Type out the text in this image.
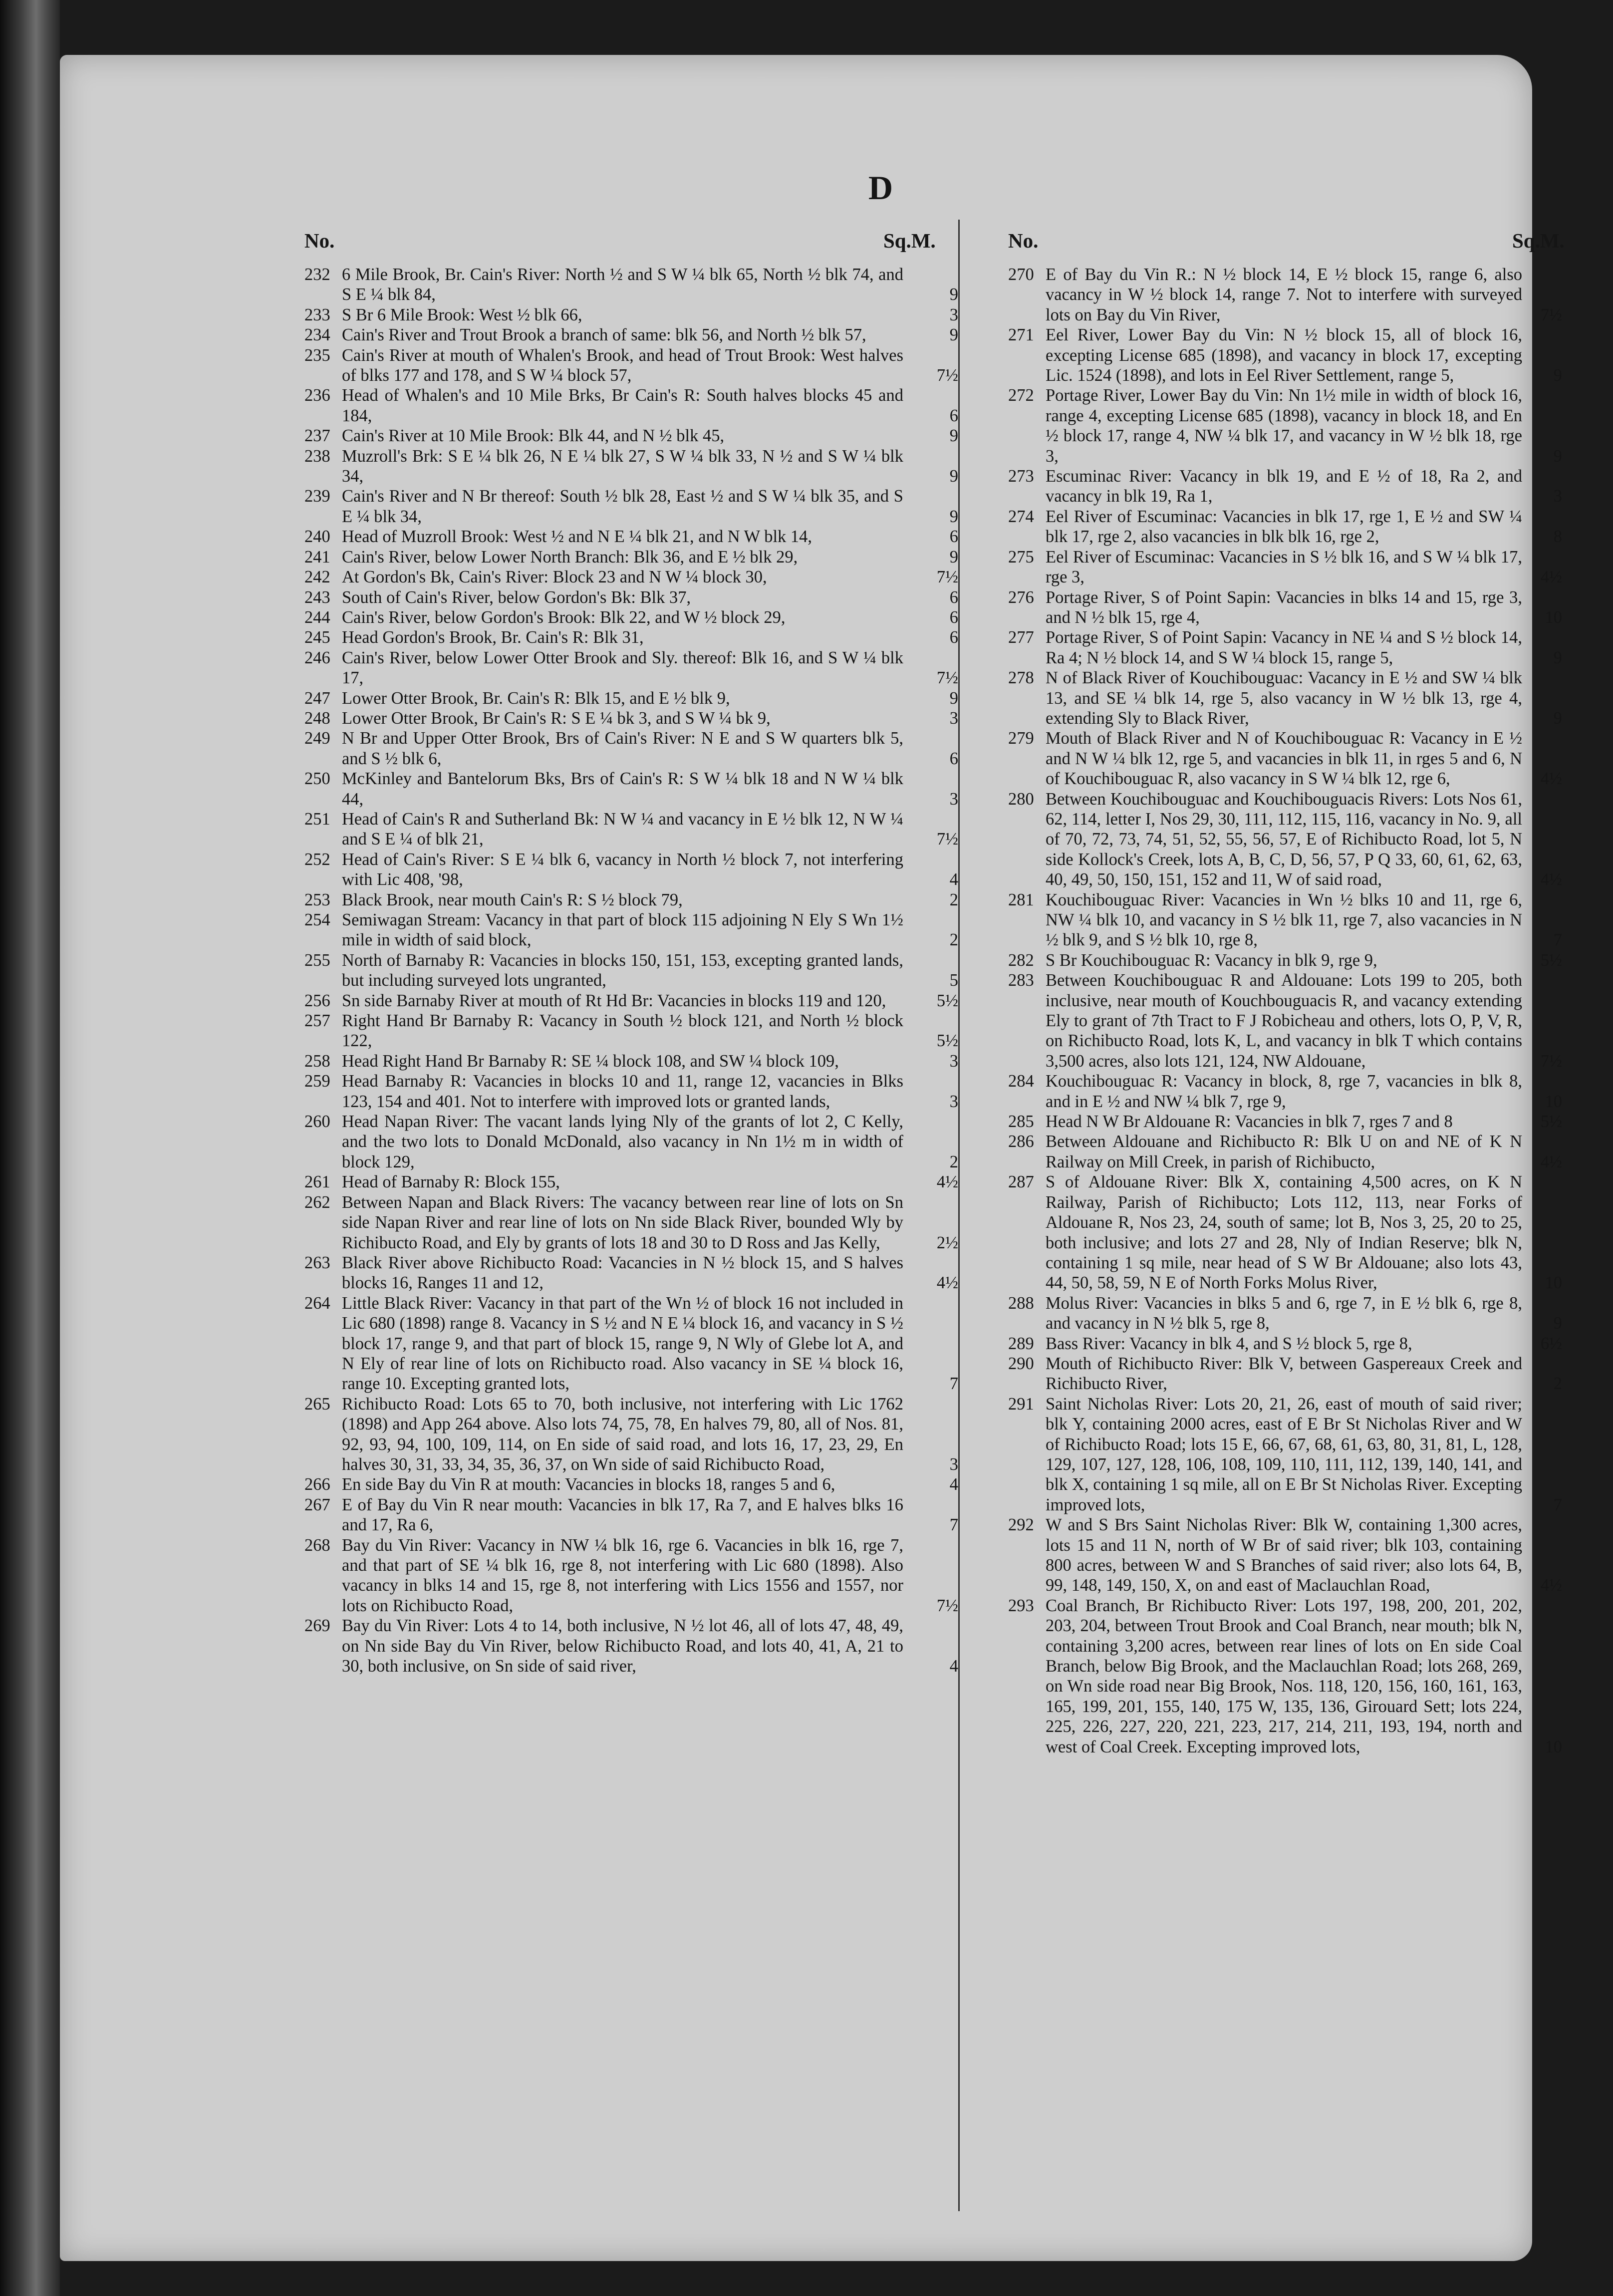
D
No.	Sq.M.
232 6 Mile Brook, Br. Cain's River: North ½ and S W ¼ blk 65, North ½ blk 74, and S E ¼ blk 84,	9
233 S Br 6 Mile Brook: West ½ blk 66,	3
234 Cain's River and Trout Brook a branch of same: blk 56, and North ½ blk 57,	9
235 Cain's River at mouth of Whalen's Brook, and head of Trout Brook: West halves of blks 177 and 178, and S W ¼ block 57,	7½
236 Head of Whalen's and 10 Mile Brks, Br Cain's R: South halves blocks 45 and 184,	6
237 Cain's River at 10 Mile Brook: Blk 44, and N ½ blk 45,	9
238 Muzroll's Brk: S E ¼ blk 26, N E ¼ blk 27, S W ¼ blk 33, N ½ and S W ¼ blk 34,	9
239 Cain's River and N Br thereof: South ½ blk 28, East ½ and S W ¼ blk 35, and S E ¼ blk 34,	9
240 Head of Muzroll Brook: West ½ and N E ¼ blk 21, and N W blk 14,	6
241 Cain's River, below Lower North Branch: Blk 36, and E ½ blk 29,	9
242 At Gordon's Bk, Cain's River: Block 23 and N W ¼ block 30,	7½
243 South of Cain's River, below Gordon's Bk: Blk 37,	6
244 Cain's River, below Gordon's Brook: Blk 22, and W ½ block 29,	6
245 Head Gordon's Brook, Br. Cain's R: Blk 31,	6
246 Cain's River, below Lower Otter Brook and Sly. thereof: Blk 16, and S W ¼ blk 17,	7½
247 Lower Otter Brook, Br. Cain's R: Blk 15, and E ½ blk 9,	9
248 Lower Otter Brook, Br Cain's R: S E ¼ bk 3, and S W ¼ bk 9,	3
249 N Br and Upper Otter Brook, Brs of Cain's River: N E and S W quarters blk 5, and S ½ blk 6,	6
250 McKinley and Bantelorum Bks, Brs of Cain's R: S W ¼ blk 18 and N W ¼ blk 44,	3
251 Head of Cain's R and Sutherland Bk: N W ¼ and vacancy in E ½ blk 12, N W ¼ and S E ¼ of blk 21,	7½
252 Head of Cain's River: S E ¼ blk 6, vacancy in North ½ block 7, not interfering with Lic 408, '98,	4
253 Black Brook, near mouth Cain's R: S ½ block 79,	2
254 Semiwagan Stream: Vacancy in that part of block 115 adjoining N Ely S Wn 1½ mile in width of said block,	2
255 North of Barnaby R: Vacancies in blocks 150, 151, 153, excepting granted lands, but including surveyed lots ungranted,	5
256 Sn side Barnaby River at mouth of Rt Hd Br: Vacancies in blocks 119 and 120,	5½
257 Right Hand Br Barnaby R: Vacancy in South ½ block 121, and North ½ block 122,	5½
258 Head Right Hand Br Barnaby R: SE ¼ block 108, and SW ¼ block 109,	3
259 Head Barnaby R: Vacancies in blocks 10 and 11, range 12, vacancies in Blks 123, 154 and 401. Not to interfere with improved lots or granted lands,	3
260 Head Napan River: The vacant lands lying Nly of the grants of lot 2, C Kelly, and the two lots to Donald McDonald, also vacancy in Nn 1½ m in width of block 129,	2
261 Head of Barnaby R: Block 155,	4½
262 Between Napan and Black Rivers: The vacancy between rear line of lots on Sn side Napan River and rear line of lots on Nn side Black River, bounded Wly by Richibucto Road, and Ely by grants of lots 18 and 30 to D Ross and Jas Kelly,	2½
263 Black River above Richibucto Road: Vacancies in N ½ block 15, and S halves blocks 16, Ranges 11 and 12,	4½
264 Little Black River: Vacancy in that part of the Wn ½ of block 16 not included in Lic 680 (1898) range 8. Vacancy in S ½ and N E ¼ block 16, and vacancy in S ½ block 17, range 9, and that part of block 15, range 9, N Wly of Glebe lot A, and N Ely of rear line of lots on Richibucto road. Also vacancy in SE ¼ block 16, range 10. Excepting granted lots,	7
265 Richibucto Road: Lots 65 to 70, both inclusive, not interfering with Lic 1762 (1898) and App 264 above. Also lots 74, 75, 78, En halves 79, 80, all of Nos. 81, 92, 93, 94, 100, 109, 114, on En side of said road, and lots 16, 17, 23, 29, En halves 30, 31, 33, 34, 35, 36, 37, on Wn side of said Richibucto Road,	3
266 En side Bay du Vin R at mouth: Vacancies in blocks 18, ranges 5 and 6,	4
267 E of Bay du Vin R near mouth: Vacancies in blk 17, Ra 7, and E halves blks 16 and 17, Ra 6,	7
268 Bay du Vin River: Vacancy in NW ¼ blk 16, rge 6. Vacancies in blk 16, rge 7, and that part of SE ¼ blk 16, rge 8, not interfering with Lic 680 (1898). Also vacancy in blks 14 and 15, rge 8, not interfering with Lics 1556 and 1557, nor lots on Richibucto Road,	7½
269 Bay du Vin River: Lots 4 to 14, both inclusive, N ½ lot 46, all of lots 47, 48, 49, on Nn side Bay du Vin River, below Richibucto Road, and lots 40, 41, A, 21 to 30, both inclusive, on Sn side of said river,	4
No.	Sq.M.
270 E of Bay du Vin R.: N ½ block 14, E ½ block 15, range 6, also vacancy in W ½ block 14, range 7. Not to interfere with surveyed lots on Bay du Vin River,	7½
271 Eel River, Lower Bay du Vin: N ½ block 15, all of block 16, excepting License 685 (1898), and vacancy in block 17, excepting Lic. 1524 (1898), and lots in Eel River Settlement, range 5,	9
272 Portage River, Lower Bay du Vin: Nn 1½ mile in width of block 16, range 4, excepting License 685 (1898), vacancy in block 18, and En ½ block 17, range 4, NW ¼ blk 17, and vacancy in W ½ blk 18, rge 3,	9
273 Escuminac River: Vacancy in blk 19, and E ½ of 18, Ra 2, and vacancy in blk 19, Ra 1,	3
274 Eel River of Escuminac: Vacancies in blk 17, rge 1, E ½ and SW ¼ blk 17, rge 2, also vacancies in blk blk 16, rge 2,	8
275 Eel River of Escuminac: Vacancies in S ½ blk 16, and S W ¼ blk 17, rge 3,	4½
276 Portage River, S of Point Sapin: Vacancies in blks 14 and 15, rge 3, and N ½ blk 15, rge 4,	10
277 Portage River, S of Point Sapin: Vacancy in NE ¼ and S ½ block 14, Ra 4; N ½ block 14, and S W ¼ block 15, range 5,	9
278 N of Black River of Kouchibouguac: Vacancy in E ½ and SW ¼ blk 13, and SE ¼ blk 14, rge 5, also vacancy in W ½ blk 13, rge 4, extending Sly to Black River,	9
279 Mouth of Black River and N of Kouchibouguac R: Vacancy in E ½ and N W ¼ blk 12, rge 5, and vacancies in blk 11, in rges 5 and 6, N of Kouchibouguac R, also vacancy in S W ¼ blk 12, rge 6,	4½
280 Between Kouchibouguac and Kouchibouguacis Rivers: Lots Nos 61, 62, 114, letter I, Nos 29, 30, 111, 112, 115, 116, vacancy in No. 9, all of 70, 72, 73, 74, 51, 52, 55, 56, 57, E of Richibucto Road, lot 5, N side Kollock's Creek, lots A, B, C, D, 56, 57, P Q 33, 60, 61, 62, 63, 40, 49, 50, 150, 151, 152 and 11, W of said road,	4½
281 Kouchibouguac River: Vacancies in Wn ½ blks 10 and 11, rge 6, NW ¼ blk 10, and vacancy in S ½ blk 11, rge 7, also vacancies in N ½ blk 9, and S ½ blk 10, rge 8,	7
282 S Br Kouchibouguac R: Vacancy in blk 9, rge 9,	5½
283 Between Kouchibouguac R and Aldouane: Lots 199 to 205, both inclusive, near mouth of Kouchbouguacis R, and vacancy extending Ely to grant of 7th Tract to F J Robicheau and others, lots O, P, V, R, on Richibucto Road, lots K, L, and vacancy in blk T which contains 3,500 acres, also lots 121, 124, NW Aldouane,	7½
284 Kouchibouguac R: Vacancy in block, 8, rge 7, vacancies in blk 8, and in E ½ and NW ¼ blk 7, rge 9,	10
285 Head N W Br Aldouane R: Vacancies in blk 7, rges 7 and 8	5½
286 Between Aldouane and Richibucto R: Blk U on and NE of K N Railway on Mill Creek, in parish of Richibucto,	4½
287 S of Aldouane River: Blk X, containing 4,500 acres, on K N Railway, Parish of Richibucto; Lots 112, 113, near Forks of Aldouane R, Nos 23, 24, south of same; lot B, Nos 3, 25, 20 to 25, both inclusive; and lots 27 and 28, Nly of Indian Reserve; blk N, containing 1 sq mile, near head of S W Br Aldouane; also lots 43, 44, 50, 58, 59, N E of North Forks Molus River,	10
288 Molus River: Vacancies in blks 5 and 6, rge 7, in E ½ blk 6, rge 8, and vacancy in N ½ blk 5, rge 8,	9
289 Bass River: Vacancy in blk 4, and S ½ block 5, rge 8,	6½
290 Mouth of Richibucto River: Blk V, between Gaspereaux Creek and Richibucto River,	2
291 Saint Nicholas River: Lots 20, 21, 26, east of mouth of said river; blk Y, containing 2000 acres, east of E Br St Nicholas River and W of Richibucto Road; lots 15 E, 66, 67, 68, 61, 63, 80, 31, 81, L, 128, 129, 107, 127, 128, 106, 108, 109, 110, 111, 112, 139, 140, 141, and blk X, containing 1 sq mile, all on E Br St Nicholas River. Excepting improved lots,	7
292 W and S Brs Saint Nicholas River: Blk W, containing 1,300 acres, lots 15 and 11 N, north of W Br of said river; blk 103, containing 800 acres, between W and S Branches of said river; also lots 64, B, 99, 148, 149, 150, X, on and east of Maclauchlan Road,	4½
293 Coal Branch, Br Richibucto River: Lots 197, 198, 200, 201, 202, 203, 204, between Trout Brook and Coal Branch, near mouth; blk N, containing 3,200 acres, between rear lines of lots on En side Coal Branch, below Big Brook, and the Maclauchlan Road; lots 268, 269, on Wn side road near Big Brook, Nos. 118, 120, 156, 160, 161, 163, 165, 199, 201, 155, 140, 175 W, 135, 136, Girouard Sett; lots 224, 225, 226, 227, 220, 221, 223, 217, 214, 211, 193, 194, north and west of Coal Creek. Excepting improved lots,	10
